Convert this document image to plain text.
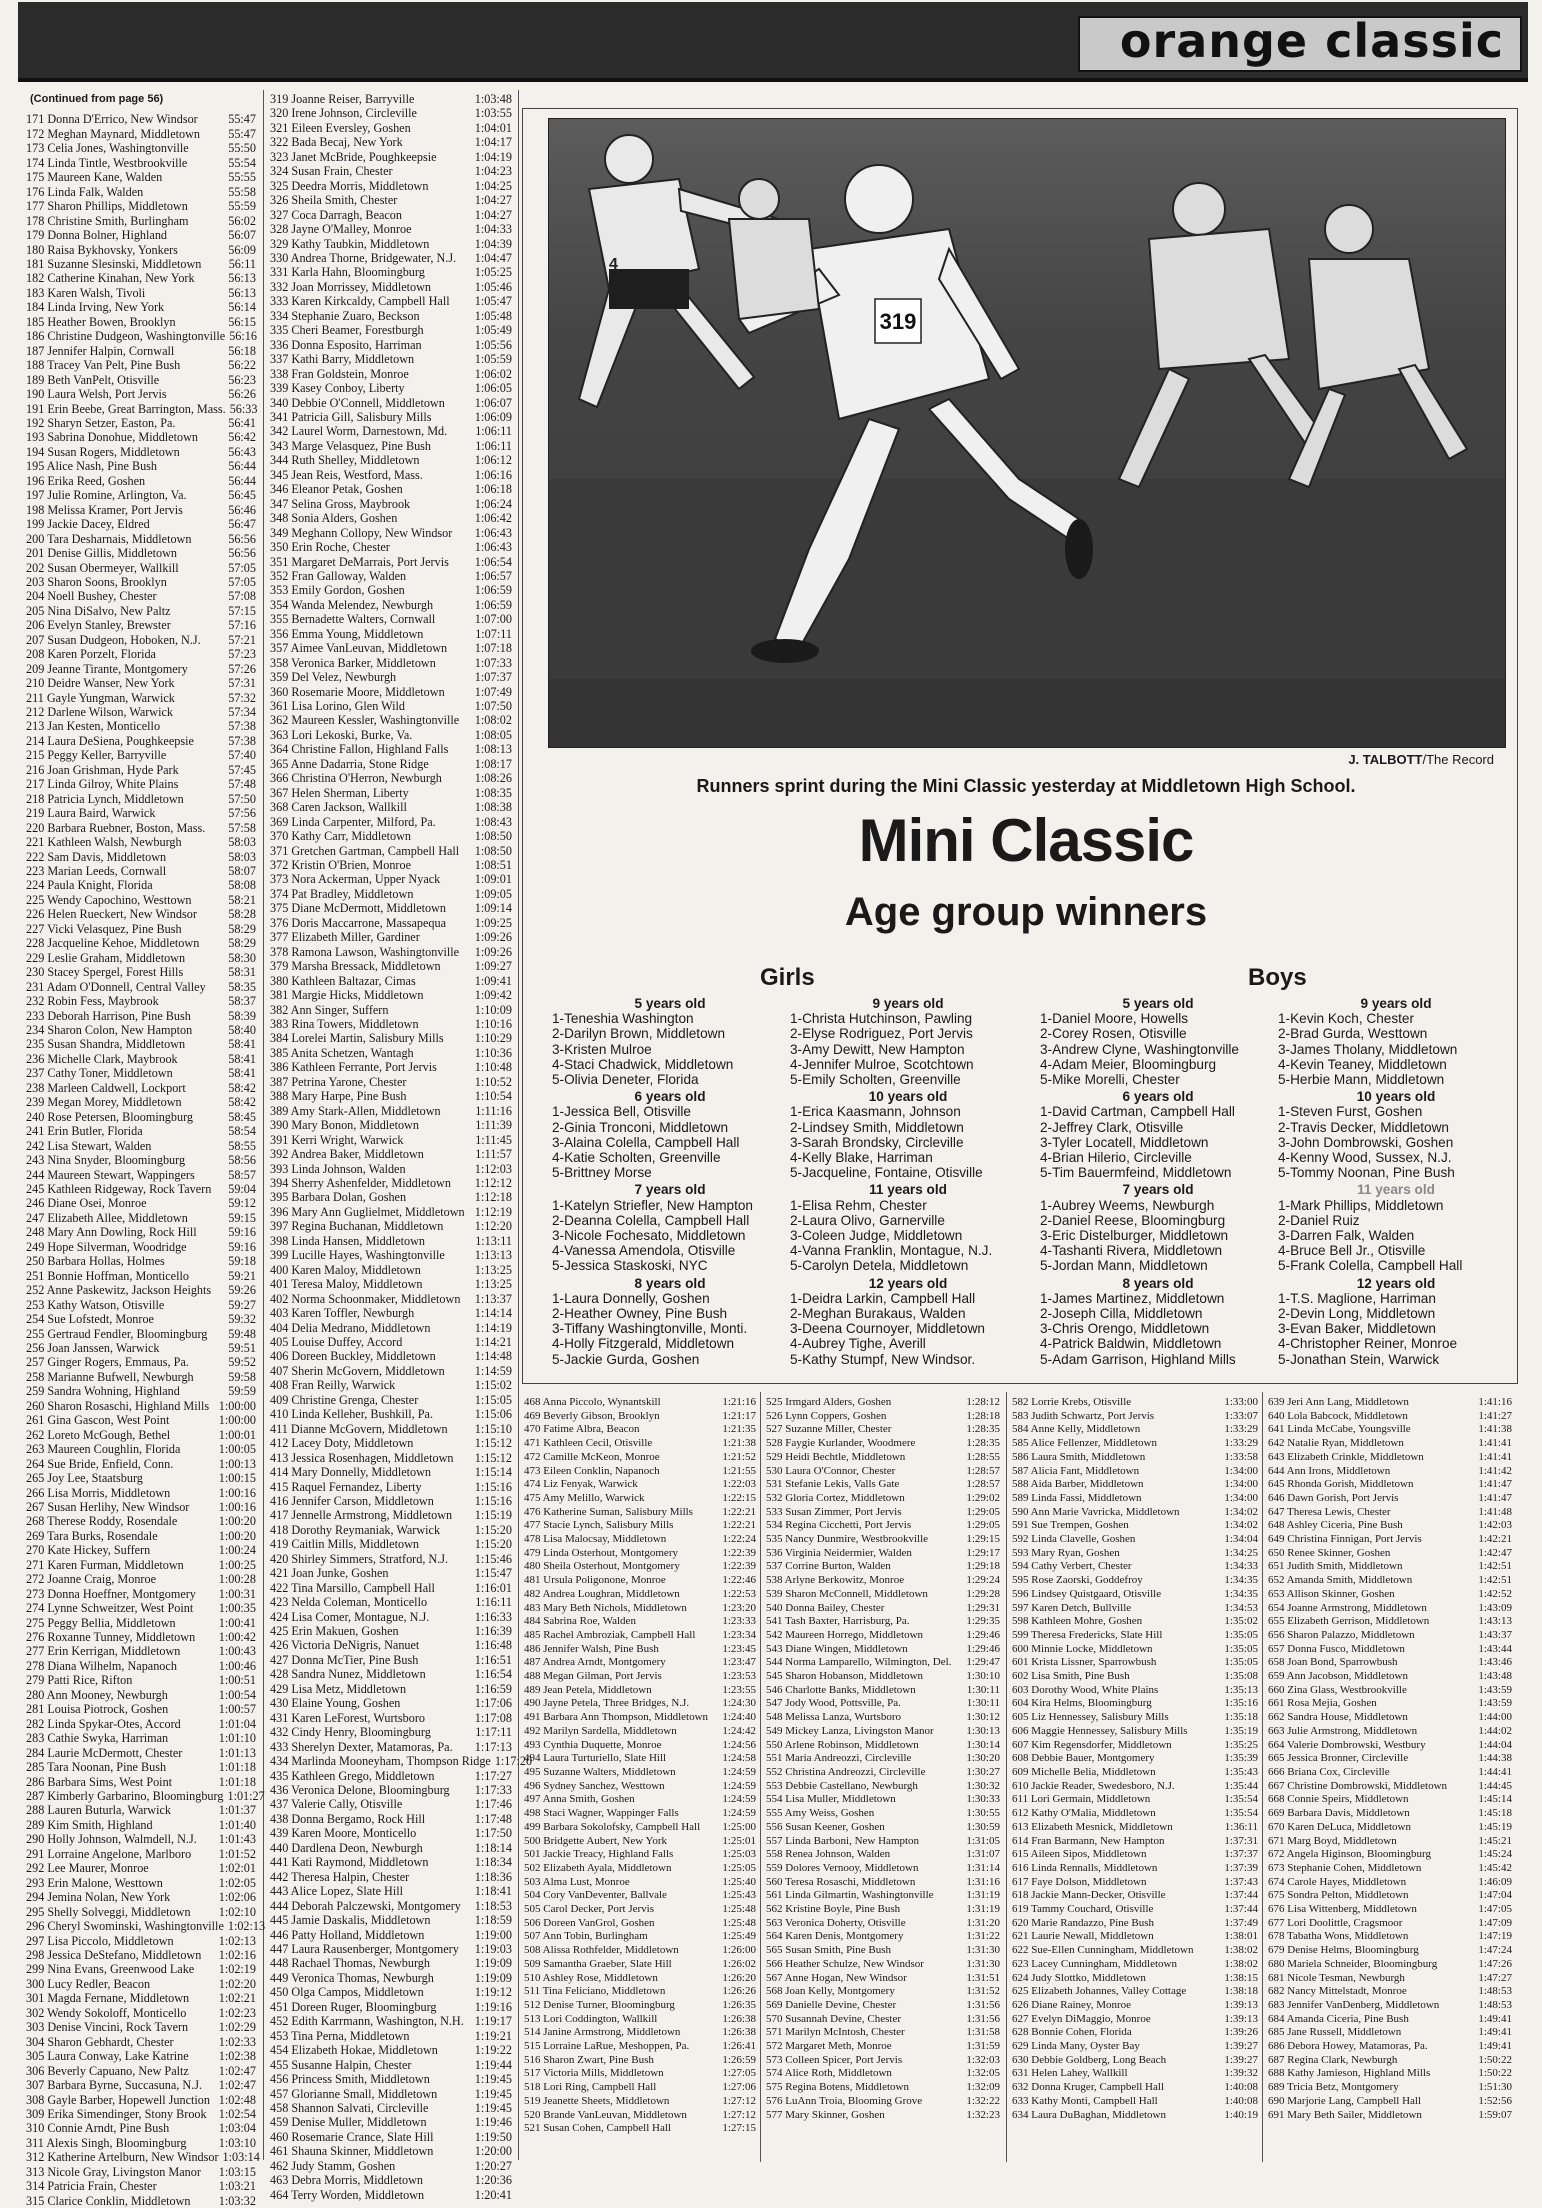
orange classic
(Continued from page 56)
171 Donna D'Errico, New Windsor	55:47
172 Meghan Maynard, Middletown	55:47
173 Celia Jones, Washingtonville	55:50
174 Linda Tintle, Westbrookville	55:54
175 Maureen Kane, Walden	55:55
176 Linda Falk, Walden	55:58
177 Sharon Phillips, Middletown	55:59
178 Christine Smith, Burlingham	56:02
179 Donna Bolner, Highland	56:07
180 Raisa Bykhovsky, Yonkers	56:09
181 Suzanne Slesinski, Middletown	56:11
182 Catherine Kinahan, New York	56:13
183 Karen Walsh, Tivoli	56:13
184 Linda Irving, New York	56:14
185 Heather Bowen, Brooklyn	56:15
186 Christine Dudgeon, Washingtonville 56:16
187 Jennifer Halpin, Cornwall	56:18
188 Tracey Van Pelt, Pine Bush	56:22
189 Beth VanPelt, Otisville	56:23
190 Laura Welsh, Port Jervis	56:26
191 Erin Beebe, Great Barrington, Mass. 56:33
192 Sharyn Setzer, Easton, Pa.	56:41
193 Sabrina Donohue, Middletown	56:42
194 Susan Rogers, Middletown	56:43
195 Alice Nash, Pine Bush	56:44
196 Erika Reed, Goshen	56:44
197 Julie Romine, Arlington, Va.	56:45
198 Melissa Kramer, Port Jervis	56:46
199 Jackie Dacey, Eldred	56:47
200 Tara Desharnais, Middletown	56:56
201 Denise Gillis, Middletown	56:56
202 Susan Obermeyer, Wallkill	57:05
203 Sharon Soons, Brooklyn	57:05
204 Noell Bushey, Chester	57:08
205 Nina DiSalvo, New Paltz	57:15
206 Evelyn Stanley, Brewster	57:16
207 Susan Dudgeon, Hoboken, N.J.	57:21
208 Karen Porzelt, Florida	57:23
209 Jeanne Tirante, Montgomery	57:26
210 Deidre Wanser, New York	57:31
211 Gayle Yungman, Warwick	57:32
212 Darlene Wilson, Warwick	57:34
213 Jan Kesten, Monticello	57:38
214 Laura DeSiena, Poughkeepsie	57:38
215 Peggy Keller, Barryville	57:40
216 Joan Grishman, Hyde Park	57:45
217 Linda Gilroy, White Plains	57:48
218 Patricia Lynch, Middletown	57:50
219 Laura Baird, Warwick	57:56
220 Barbara Ruebner, Boston, Mass.	57:58
221 Kathleen Walsh, Newburgh	58:03
222 Sam Davis, Middletown	58:03
223 Marian Leeds, Cornwall	58:07
224 Paula Knight, Florida	58:08
225 Wendy Capochino, Westtown	58:21
226 Helen Rueckert, New Windsor	58:28
227 Vicki Velasquez, Pine Bush	58:29
228 Jacqueline Kehoe, Middletown	58:29
229 Leslie Graham, Middletown	58:30
230 Stacey Spergel, Forest Hills	58:31
231 Adam O'Donnell, Central Valley	58:35
232 Robin Fess, Maybrook	58:37
233 Deborah Harrison, Pine Bush	58:39
234 Sharon Colon, New Hampton	58:40
235 Susan Shandra, Middletown	58:41
236 Michelle Clark, Maybrook	58:41
237 Cathy Toner, Middletown	58:41
238 Marleen Caldwell, Lockport	58:42
239 Megan Morey, Middletown	58:42
240 Rose Petersen, Bloomingburg	58:45
241 Erin Butler, Florida	58:54
242 Lisa Stewart, Walden	58:55
243 Nina Snyder, Bloomingburg	58:56
244 Maureen Stewart, Wappingers	58:57
245 Kathleen Ridgeway, Rock Tavern	59:04
246 Diane Osei, Monroe	59:12
247 Elizabeth Allee, Middletown	59:15
248 Mary Ann Dowling, Rock Hill	59:16
249 Hope Silverman, Woodridge	59:16
250 Barbara Hollas, Holmes	59:18
251 Bonnie Hoffman, Monticello	59:21
252 Anne Paskewitz, Jackson Heights	59:26
253 Kathy Watson, Otisville	59:27
254 Sue Lofstedt, Monroe	59:32
255 Gertraud Fendler, Bloomingburg	59:48
256 Joan Janssen, Warwick	59:51
257 Ginger Rogers, Emmaus, Pa.	59:52
258 Marianne Bufwell, Newburgh	59:58
259 Sandra Wohning, Highland	59:59
260 Sharon Rosaschi, Highland Mills 1:00:00
261 Gina Gascon, West Point	1:00:00
262 Loreto McGough, Bethel	1:00:01
263 Maureen Coughlin, Florida	1:00:05
264 Sue Bride, Enfield, Conn.	1:00:13
265 Joy Lee, Staatsburg	1:00:15
266 Lisa Morris, Middletown	1:00:16
267 Susan Herlihy, New Windsor	1:00:16
268 Therese Roddy, Rosendale	1:00:20
269 Tara Burks, Rosendale	1:00:20
270 Kate Hickey, Suffern	1:00:24
271 Karen Furman, Middletown	1:00:25
272 Joanne Craig, Monroe	1:00:28
273 Donna Hoeffner, Montgomery	1:00:31
274 Lynne Schweitzer, West Point	1:00:35
275 Peggy Bellia, Middletown	1:00:41
276 Roxanne Tunney, Middletown	1:00:42
277 Erin Kerrigan, Middletown	1:00:43
278 Diana Wilhelm, Napanoch	1:00:46
279 Patti Rice, Rifton	1:00:51
280 Ann Mooney, Newburgh	1:00:54
281 Louisa Piotrock, Goshen	1:00:57
282 Linda Spykar-Otes, Accord	1:01:04
283 Cathie Swyka, Harriman	1:01:10
284 Laurie McDermott, Chester	1:01:13
285 Tara Noonan, Pine Bush	1:01:18
286 Barbara Sims, West Point	1:01:18
287 Kimberly Garbarino, Bloomingburg 1:01:27
288 Lauren Buturla, Warwick	1:01:37
289 Kim Smith, Highland	1:01:40
290 Holly Johnson, Walmdell, N.J.	1:01:43
291 Lorraine Angelone, Marlboro	1:01:52
292 Lee Maurer, Monroe	1:02:01
293 Erin Malone, Westtown	1:02:05
294 Jemina Nolan, New York	1:02:06
295 Shelly Solveggi, Middletown	1:02:10
296 Cheryl Swominski, Washingtonville 1:02:13
297 Lisa Piccolo, Middletown	1:02:13
298 Jessica DeStefano, Middletown	1:02:16
299 Nina Evans, Greenwood Lake	1:02:19
300 Lucy Redler, Beacon	1:02:20
301 Magda Fernane, Middletown	1:02:21
302 Wendy Sokoloff, Monticello	1:02:23
303 Denise Vincini, Rock Tavern	1:02:29
304 Sharon Gebhardt, Chester	1:02:33
305 Laura Conway, Lake Katrine	1:02:38
306 Beverly Capuano, New Paltz	1:02:47
307 Barbara Byrne, Succasuna, N.J.	1:02:47
308 Gayle Barber, Hopewell Junction 1:02:48
309 Erika Simendinger, Stony Brook 1:02:54
310 Connie Arndt, Pine Bush	1:03:04
311 Alexis Singh, Bloomingburg	1:03:10
312 Katherine Artelburn, New Windsor 1:03:14
313 Nicole Gray, Livingston Manor	1:03:15
314 Patricia Frain, Chester	1:03:21
315 Clarice Conklin, Middletown	1:03:32
319 Joanne Reiser, Barryville	1:03:48
320 Irene Johnson, Circleville	1:03:55
321 Eileen Eversley, Goshen	1:04:01
322 Bada Becaj, New York	1:04:17
323 Janet McBride, Poughkeepsie	1:04:19
324 Susan Frain, Chester	1:04:23
325 Deedra Morris, Middletown	1:04:25
326 Sheila Smith, Chester	1:04:27
327 Coca Darragh, Beacon	1:04:27
328 Jayne O'Malley, Monroe	1:04:33
329 Kathy Taubkin, Middletown	1:04:39
330 Andrea Thorne, Bridgewater, N.J.	1:04:47
331 Karla Hahn, Bloomingburg	1:05:25
332 Joan Morrissey, Middletown	1:05:46
333 Karen Kirkcaldy, Campbell Hall	1:05:47
334 Stephanie Zuaro, Beckson	1:05:48
335 Cheri Beamer, Forestburgh	1:05:49
336 Donna Esposito, Harriman	1:05:56
337 Kathi Barry, Middletown	1:05:59
338 Fran Goldstein, Monroe	1:06:02
339 Kasey Conboy, Liberty	1:06:05
340 Debbie O'Connell, Middletown	1:06:07
341 Patricia Gill, Salisbury Mills	1:06:09
342 Laurel Worm, Darnestown, Md.	1:06:11
343 Marge Velasquez, Pine Bush	1:06:11
344 Ruth Shelley, Middletown	1:06:12
345 Jean Reis, Westford, Mass.	1:06:16
346 Eleanor Petak, Goshen	1:06:18
347 Selina Gross, Maybrook	1:06:24
348 Sonia Alders, Goshen	1:06:42
349 Meghann Collopy, New Windsor	1:06:43
350 Erin Roche, Chester	1:06:43
351 Margaret DeMarrais, Port Jervis	1:06:54
352 Fran Galloway, Walden	1:06:57
353 Emily Gordon, Goshen	1:06:59
354 Wanda Melendez, Newburgh	1:06:59
355 Bernadette Walters, Cornwall	1:07:00
356 Emma Young, Middletown	1:07:11
357 Aimee VanLeuvan, Middletown	1:07:18
358 Veronica Barker, Middletown	1:07:33
359 Del Velez, Newburgh	1:07:37
360 Rosemarie Moore, Middletown	1:07:49
361 Lisa Lorino, Glen Wild	1:07:50
362 Maureen Kessler, Washingtonville	1:08:02
363 Lori Lekoski, Burke, Va.	1:08:05
364 Christine Fallon, Highland Falls	1:08:13
365 Anne Dadarria, Stone Ridge	1:08:17
366 Christina O'Herron, Newburgh	1:08:26
367 Helen Sherman, Liberty	1:08:35
368 Caren Jackson, Wallkill	1:08:38
369 Linda Carpenter, Milford, Pa.	1:08:43
370 Kathy Carr, Middletown	1:08:50
371 Gretchen Gartman, Campbell Hall	1:08:50
372 Kristin O'Brien, Monroe	1:08:51
373 Nora Ackerman, Upper Nyack	1:09:01
374 Pat Bradley, Middletown	1:09:05
375 Diane McDermott, Middletown	1:09:14
376 Doris Maccarrone, Massapequa	1:09:25
377 Elizabeth Miller, Gardiner	1:09:26
378 Ramona Lawson, Washingtonville	1:09:26
379 Marsha Bressack, Middletown	1:09:27
380 Kathleen Baltazar, Cimas	1:09:41
381 Margie Hicks, Middletown	1:09:42
382 Ann Singer, Suffern	1:10:09
383 Rina Towers, Middletown	1:10:16
384 Lorelei Martin, Salisbury Mills	1:10:29
385 Anita Schetzen, Wantagh	1:10:36
386 Kathleen Ferrante, Port Jervis	1:10:48
387 Petrina Yarone, Chester	1:10:52
388 Mary Harpe, Pine Bush	1:10:54
389 Amy Stark-Allen, Middletown	1:11:16
390 Mary Bonon, Middletown	1:11:39
391 Kerri Wright, Warwick	1:11:45
392 Andrea Baker, Middletown	1:11:57
393 Linda Johnson, Walden	1:12:03
394 Sherry Ashenfelder, Middletown	1:12:12
395 Barbara Dolan, Goshen	1:12:18
396 Mary Ann Guglielmet, Middletown 1:12:19
397 Regina Buchanan, Middletown	1:12:20
398 Linda Hansen, Middletown	1:13:11
399 Lucille Hayes, Washingtonville	1:13:13
400 Karen Maloy, Middletown	1:13:25
401 Teresa Maloy, Middletown	1:13:25
402 Norma Schoonmaker, Middletown	1:13:37
403 Karen Toffler, Newburgh	1:14:14
404 Delia Medrano, Middletown	1:14:19
405 Louise Duffey, Accord	1:14:21
406 Doreen Buckley, Middletown	1:14:48
407 Sherin McGovern, Middletown	1:14:59
408 Fran Reilly, Warwick	1:15:02
409 Christine Grenga, Chester	1:15:05
410 Linda Kelleher, Bushkill, Pa.	1:15:06
411 Dianne McGovern, Middletown	1:15:10
412 Lacey Doty, Middletown	1:15:12
413 Jessica Rosenhagen, Middletown	1:15:12
414 Mary Donnelly, Middletown	1:15:14
415 Raquel Fernandez, Liberty	1:15:16
416 Jennifer Carson, Middletown	1:15:16
417 Jennelle Armstrong, Middletown	1:15:19
418 Dorothy Reymaniak, Warwick	1:15:20
419 Caitlin Mills, Middletown	1:15:20
420 Shirley Simmers, Stratford, N.J.	1:15:46
421 Joan Junke, Goshen	1:15:47
422 Tina Marsillo, Campbell Hall	1:16:01
423 Nelda Coleman, Monticello	1:16:11
424 Lisa Comer, Montague, N.J.	1:16:33
425 Erin Makuen, Goshen	1:16:39
426 Victoria DeNigris, Nanuet	1:16:48
427 Donna McTier, Pine Bush	1:16:51
428 Sandra Nunez, Middletown	1:16:54
429 Lisa Metz, Middletown	1:16:59
430 Elaine Young, Goshen	1:17:06
431 Karen LeForest, Wurtsboro	1:17:08
432 Cindy Henry, Bloomingburg	1:17:11
433 Sherelyn Dexter, Matamoras, Pa.	1:17:13
434 Marlinda Mooneyham, Thompson Ridge 1:17:20
435 Kathleen Grego, Middletown	1:17:27
436 Veronica Delone, Bloomingburg	1:17:33
437 Valerie Cally, Otisville	1:17:46
438 Donna Bergamo, Rock Hill	1:17:48
439 Karen Moore, Monticello	1:17:50
440 Dardlena Deon, Newburgh	1:18:14
441 Kati Raymond, Middletown	1:18:34
442 Theresa Halpin, Chester	1:18:36
443 Alice Lopez, Slate Hill	1:18:41
444 Deborah Palczewski, Montgomery	1:18:53
445 Jamie Daskalis, Middletown	1:18:59
446 Patty Holland, Middletown	1:19:00
447 Laura Rausenberger, Montgomery	1:19:03
448 Rachael Thomas, Newburgh	1:19:09
449 Veronica Thomas, Newburgh	1:19:09
450 Olga Campos, Middletown	1:19:12
451 Doreen Ruger, Bloomingburg	1:19:16
452 Edith Karrmann, Washington, N.H. 1:19:17
453 Tina Perna, Middletown	1:19:21
454 Elizabeth Hokae, Middletown	1:19:22
455 Susanne Halpin, Chester	1:19:44
456 Princess Smith, Middletown	1:19:45
457 Glorianne Small, Middletown	1:19:45
458 Shannon Salvati, Circleville	1:19:45
459 Denise Muller, Middletown	1:19:46
460 Rosemarie Crance, Slate Hill	1:19:50
461 Shauna Skinner, Middletown	1:20:00
462 Judy Stamm, Goshen	1:20:27
463 Debra Morris, Middletown	1:20:36
464 Terry Worden, Middletown	1:20:41
319
4
J. TALBOTT/The Record
Runners sprint during the Mini Classic yesterday at Middletown High School.
Mini Classic
Age group winners
Girls	Boys
5 years old
1-Teneshia Washington
2-Darilyn Brown, Middletown
3-Kristen Mulroe
4-Staci Chadwick, Middletown
5-Olivia Deneter, Florida
6 years old
1-Jessica Bell, Otisville
2-Ginia Tronconi, Middletown
3-Alaina Colella, Campbell Hall
4-Katie Scholten, Greenville
5-Brittney Morse
7 years old
1-Katelyn Striefler, New Hampton
2-Deanna Colella, Campbell Hall
3-Nicole Fochesato, Middletown
4-Vanessa Amendola, Otisville
5-Jessica Staskoski, NYC
8 years old
1-Laura Donnelly, Goshen
2-Heather Owney, Pine Bush
3-Tiffany Washingtonville, Monti.
4-Holly Fitzgerald, Middletown
5-Jackie Gurda, Goshen
9 years old
1-Christa Hutchinson, Pawling
2-Elyse Rodriguez, Port Jervis
3-Amy Dewitt, New Hampton
4-Jennifer Mulroe, Scotchtown
5-Emily Scholten, Greenville
10 years old
1-Erica Kaasmann, Johnson
2-Lindsey Smith, Middletown
3-Sarah Brondsky, Circleville
4-Kelly Blake, Harriman
5-Jacqueline, Fontaine, Otisville
11 years old
1-Elisa Rehm, Chester
2-Laura Olivo, Garnerville
3-Coleen Judge, Middletown
4-Vanna Franklin, Montague, N.J.
5-Carolyn Detela, Middletown
12 years old
1-Deidra Larkin, Campbell Hall
2-Meghan Burakaus, Walden
3-Deena Cournoyer, Middletown
4-Aubrey Tighe, Averill
5-Kathy Stumpf, New Windsor.
5 years old
1-Daniel Moore, Howells
2-Corey Rosen, Otisville
3-Andrew Clyne, Washingtonville
4-Adam Meier, Bloomingburg
5-Mike Morelli, Chester
6 years old
1-David Cartman, Campbell Hall
2-Jeffrey Clark, Otisville
3-Tyler Locatell, Middletown
4-Brian Hilerio, Circleville
5-Tim Bauermfeind, Middletown
7 years old
1-Aubrey Weems, Newburgh
2-Daniel Reese, Bloomingburg
3-Eric Distelburger, Middletown
4-Tashanti Rivera, Middletown
5-Jordan Mann, Middletown
8 years old
1-James Martinez, Middletown
2-Joseph Cilla, Middletown
3-Chris Orengo, Middletown
4-Patrick Baldwin, Middletown
5-Adam Garrison, Highland Mills
9 years old
1-Kevin Koch, Chester
2-Brad Gurda, Westtown
3-James Tholany, Middletown
4-Kevin Teaney, Middletown
5-Herbie Mann, Middletown
10 years old
1-Steven Furst, Goshen
2-Travis Decker, Middletown
3-John Dombrowski, Goshen
4-Kenny Wood, Sussex, N.J.
5-Tommy Noonan, Pine Bush
11 years old
1-Mark Phillips, Middletown
2-Daniel Ruiz
3-Darren Falk, Walden
4-Bruce Bell Jr., Otisville
5-Frank Colella, Campbell Hall
12 years old
1-T.S. Maglione, Harriman
2-Devin Long, Middletown
3-Evan Baker, Middletown
4-Christopher Reiner, Monroe
5-Jonathan Stein, Warwick
468 Anna Piccolo, Wynantskill	1:21:16
469 Beverly Gibson, Brooklyn	1:21:17
470 Fatime Albra, Beacon	1:21:35
471 Kathleen Cecil, Otisville	1:21:38
472 Camille McKeon, Monroe	1:21:52
473 Eileen Conklin, Napanoch	1:21:55
474 Liz Fenyak, Warwick	1:22:03
475 Amy Melillo, Warwick	1:22:15
476 Katherine Suman, Salisbury Mills	1:22:21
477 Stacie Lynch, Salisbury Mills	1:22:21
478 Lisa Malocsay, Middletown	1:22:24
479 Linda Osterhout, Montgomery	1:22:39
480 Sheila Osterhout, Montgomery	1:22:39
481 Ursula Poligonone, Monroe	1:22:46
482 Andrea Loughran, Middletown	1:22:53
483 Mary Beth Nichols, Middletown	1:23:20
484 Sabrina Roe, Walden	1:23:33
485 Rachel Ambroziak, Campbell Hall	1:23:34
486 Jennifer Walsh, Pine Bush	1:23:45
487 Andrea Arndt, Montgomery	1:23:47
488 Megan Gilman, Port Jervis	1:23:53
489 Jean Petela, Middletown	1:23:55
490 Jayne Petela, Three Bridges, N.J.	1:24:30
491 Barbara Ann Thompson, Middletown	1:24:40
492 Marilyn Sardella, Middletown	1:24:42
493 Cynthia Duquette, Monroe	1:24:56
494 Laura Turturiello, Slate Hill	1:24:58
495 Suzanne Walters, Middletown	1:24:59
496 Sydney Sanchez, Westtown	1:24:59
497 Anna Smith, Goshen	1:24:59
498 Staci Wagner, Wappinger Falls	1:24:59
499 Barbara Sokolofsky, Campbell Hall	1:25:00
500 Bridgette Aubert, New York	1:25:01
501 Jackie Treacy, Highland Falls	1:25:03
502 Elizabeth Ayala, Middletown	1:25:05
503 Alma Lust, Monroe	1:25:40
504 Cory VanDeventer, Ballvale	1:25:43
505 Carol Decker, Port Jervis	1:25:48
506 Doreen VanGrol, Goshen	1:25:48
507 Ann Tobin, Burlingham	1:25:49
508 Alissa Rothfelder, Middletown	1:26:00
509 Samantha Graeber, Slate Hill	1:26:02
510 Ashley Rose, Middletown	1:26:20
511 Tina Feliciano, Middletown	1:26:26
512 Denise Turner, Bloomingburg	1:26:35
513 Lori Coddington, Wallkill	1:26:38
514 Janine Armstrong, Middletown	1:26:38
515 Lorraine LaRue, Meshoppen, Pa.	1:26:41
516 Sharon Zwart, Pine Bush	1:26:59
517 Victoria Mills, Middletown	1:27:05
518 Lori Ring, Campbell Hall	1:27:06
519 Jeanette Sheets, Middletown	1:27:12
520 Brande VanLeuvan, Middletown	1:27:12
521 Susan Cohen, Campbell Hall	1:27:15
525 Irmgard Alders, Goshen	1:28:12
526 Lynn Coppers, Goshen	1:28:18
527 Suzanne Miller, Chester	1:28:35
528 Faygie Kurlander, Woodmere	1:28:35
529 Heidi Bechtle, Middletown	1:28:55
530 Laura O'Connor, Chester	1:28:57
531 Stefanie Lekis, Valls Gate	1:28:57
532 Gloria Cortez, Middletown	1:29:02
533 Susan Zimmer, Port Jervis	1:29:05
534 Regina Cicchetti, Port Jervis	1:29:05
535 Nancy Dunmire, Westbrookville	1:29:15
536 Virginia Neidermier, Walden	1:29:17
537 Corrine Burton, Walden	1:29:18
538 Arlyne Berkowitz, Monroe	1:29:24
539 Sharon McConnell, Middletown	1:29:28
540 Donna Bailey, Chester	1:29:31
541 Tash Baxter, Harrisburg, Pa.	1:29:35
542 Maureen Horrego, Middletown	1:29:46
543 Diane Wingen, Middletown	1:29:46
544 Norma Lamparello, Wilmington, Del.	1:29:47
545 Sharon Hobanson, Middletown	1:30:10
546 Charlotte Banks, Middletown	1:30:11
547 Jody Wood, Pottsville, Pa.	1:30:11
548 Melissa Lanza, Wurtsboro	1:30:12
549 Mickey Lanza, Livingston Manor	1:30:13
550 Arlene Robinson, Middletown	1:30:14
551 Maria Andreozzi, Circleville	1:30:20
552 Christina Andreozzi, Circleville	1:30:27
553 Debbie Castellano, Newburgh	1:30:32
554 Lisa Muller, Middletown	1:30:33
555 Amy Weiss, Goshen	1:30:55
556 Susan Keener, Goshen	1:30:59
557 Linda Barboni, New Hampton	1:31:05
558 Renea Johnson, Walden	1:31:07
559 Dolores Vernooy, Middletown	1:31:14
560 Teresa Rosaschi, Middletown	1:31:16
561 Linda Gilmartin, Washingtonville	1:31:19
562 Kristine Boyle, Pine Bush	1:31:19
563 Veronica Doherty, Otisville	1:31:20
564 Karen Denis, Montgomery	1:31:22
565 Susan Smith, Pine Bush	1:31:30
566 Heather Schulze, New Windsor	1:31:30
567 Anne Hogan, New Windsor	1:31:51
568 Joan Kelly, Montgomery	1:31:52
569 Danielle Devine, Chester	1:31:56
570 Susannah Devine, Chester	1:31:56
571 Marilyn McIntosh, Chester	1:31:58
572 Margaret Meth, Monroe	1:31:59
573 Colleen Spicer, Port Jervis	1:32:03
574 Alice Roth, Middletown	1:32:05
575 Regina Botens, Middletown	1:32:09
576 LuAnn Troia, Blooming Grove	1:32:22
577 Mary Skinner, Goshen	1:32:23
582 Lorrie Krebs, Otisville	1:33:00
583 Judith Schwartz, Port Jervis	1:33:07
584 Anne Kelly, Middletown	1:33:29
585 Alice Fellenzer, Middletown	1:33:29
586 Laura Smith, Middletown	1:33:58
587 Alicia Fant, Middletown	1:34:00
588 Aida Barber, Middletown	1:34:00
589 Linda Fassi, Middletown	1:34:00
590 Ann Marie Vavricka, Middletown	1:34:02
591 Sue Trempen, Goshen	1:34:02
592 Linda Clavelle, Goshen	1:34:04
593 Mary Ryan, Goshen	1:34:25
594 Cathy Verbert, Chester	1:34:33
595 Rose Zaorski, Goddefroy	1:34:35
596 Lindsey Quistgaard, Otisville	1:34:35
597 Karen Detch, Bullville	1:34:53
598 Kathleen Mohre, Goshen	1:35:02
599 Theresa Fredericks, Slate Hill	1:35:05
600 Minnie Locke, Middletown	1:35:05
601 Krista Lissner, Sparrowbush	1:35:05
602 Lisa Smith, Pine Bush	1:35:08
603 Dorothy Wood, White Plains	1:35:13
604 Kira Helms, Bloomingburg	1:35:16
605 Liz Hennessey, Salisbury Mills	1:35:18
606 Maggie Hennessey, Salisbury Mills	1:35:19
607 Kim Regensdorfer, Middletown	1:35:25
608 Debbie Bauer, Montgomery	1:35:39
609 Michelle Belia, Middletown	1:35:43
610 Jackie Reader, Swedesboro, N.J.	1:35:44
611 Lori Germain, Middletown	1:35:54
612 Kathy O'Malia, Middletown	1:35:54
613 Elizabeth Mesnick, Middletown	1:36:11
614 Fran Barmann, New Hampton	1:37:31
615 Aileen Sipos, Middletown	1:37:37
616 Linda Rennalls, Middletown	1:37:39
617 Faye Dolson, Middletown	1:37:43
618 Jackie Mann-Decker, Otisville	1:37:44
619 Tammy Couchard, Otisville	1:37:44
620 Marie Randazzo, Pine Bush	1:37:49
621 Laurie Newall, Middletown	1:38:01
622 Sue-Ellen Cunningham, Middletown	1:38:02
623 Lacey Cunningham, Middletown	1:38:02
624 Judy Slottko, Middletown	1:38:15
625 Elizabeth Johannes, Valley Cottage	1:38:18
626 Diane Rainey, Monroe	1:39:13
627 Evelyn DiMaggio, Monroe	1:39:13
628 Bonnie Cohen, Florida	1:39:26
629 Linda Many, Oyster Bay	1:39:27
630 Debbie Goldberg, Long Beach	1:39:27
631 Helen Lahey, Wallkill	1:39:32
632 Donna Kruger, Campbell Hall	1:40:08
633 Kathy Monti, Campbell Hall	1:40:08
634 Laura DuBaghan, Middletown	1:40:19
639 Jeri Ann Lang, Middletown	1:41:16
640 Lola Babcock, Middletown	1:41:27
641 Linda McCabe, Youngsville	1:41:38
642 Natalie Ryan, Middletown	1:41:41
643 Elizabeth Crinkle, Middletown	1:41:41
644 Ann Irons, Middletown	1:41:42
645 Rhonda Gorish, Middletown	1:41:47
646 Dawn Gorish, Port Jervis	1:41:47
647 Theresa Lewis, Chester	1:41:48
648 Ashley Ciceria, Pine Bush	1:42:03
649 Christina Finnigan, Port Jervis	1:42:21
650 Renee Skinner, Goshen	1:42:47
651 Judith Smith, Middletown	1:42:51
652 Amanda Smith, Middletown	1:42:51
653 Allison Skinner, Goshen	1:42:52
654 Joanne Armstrong, Middletown	1:43:09
655 Elizabeth Gerrison, Middletown	1:43:13
656 Sharon Palazzo, Middletown	1:43:37
657 Donna Fusco, Middletown	1:43:44
658 Joan Bond, Sparrowbush	1:43:46
659 Ann Jacobson, Middletown	1:43:48
660 Zina Glass, Westbrookville	1:43:59
661 Rosa Mejia, Goshen	1:43:59
662 Sandra House, Middletown	1:44:00
663 Julie Armstrong, Middletown	1:44:02
664 Valerie Dombrowski, Westbury	1:44:04
665 Jessica Bronner, Circleville	1:44:38
666 Briana Cox, Circleville	1:44:41
667 Christine Dombrowski, Middletown	1:44:45
668 Connie Speirs, Middletown	1:45:14
669 Barbara Davis, Middletown	1:45:18
670 Karen DeLuca, Middletown	1:45:19
671 Marg Boyd, Middletown	1:45:21
672 Angela Higinson, Bloomingburg	1:45:24
673 Stephanie Cohen, Middletown	1:45:42
674 Carole Hayes, Middletown	1:46:09
675 Sondra Pelton, Middletown	1:47:04
676 Lisa Wittenberg, Middletown	1:47:05
677 Lori Doolittle, Cragsmoor	1:47:09
678 Tabatha Wons, Middletown	1:47:19
679 Denise Helms, Bloomingburg	1:47:24
680 Mariela Schneider, Bloomingburg	1:47:26
681 Nicole Tesman, Newburgh	1:47:27
682 Nancy Mittelstadt, Monroe	1:48:53
683 Jennifer VanDenberg, Middletown	1:48:53
684 Amanda Ciceria, Pine Bush	1:49:41
685 Jane Russell, Middletown	1:49:41
686 Debora Howey, Matamoras, Pa.	1:49:41
687 Regina Clark, Newburgh	1:50:22
688 Kathy Jamieson, Highland Mills	1:50:22
689 Tricia Betz, Montgomery	1:51:30
690 Marjorie Lang, Campbell Hall	1:52:56
691 Mary Beth Sailer, Middletown	1:59:07
